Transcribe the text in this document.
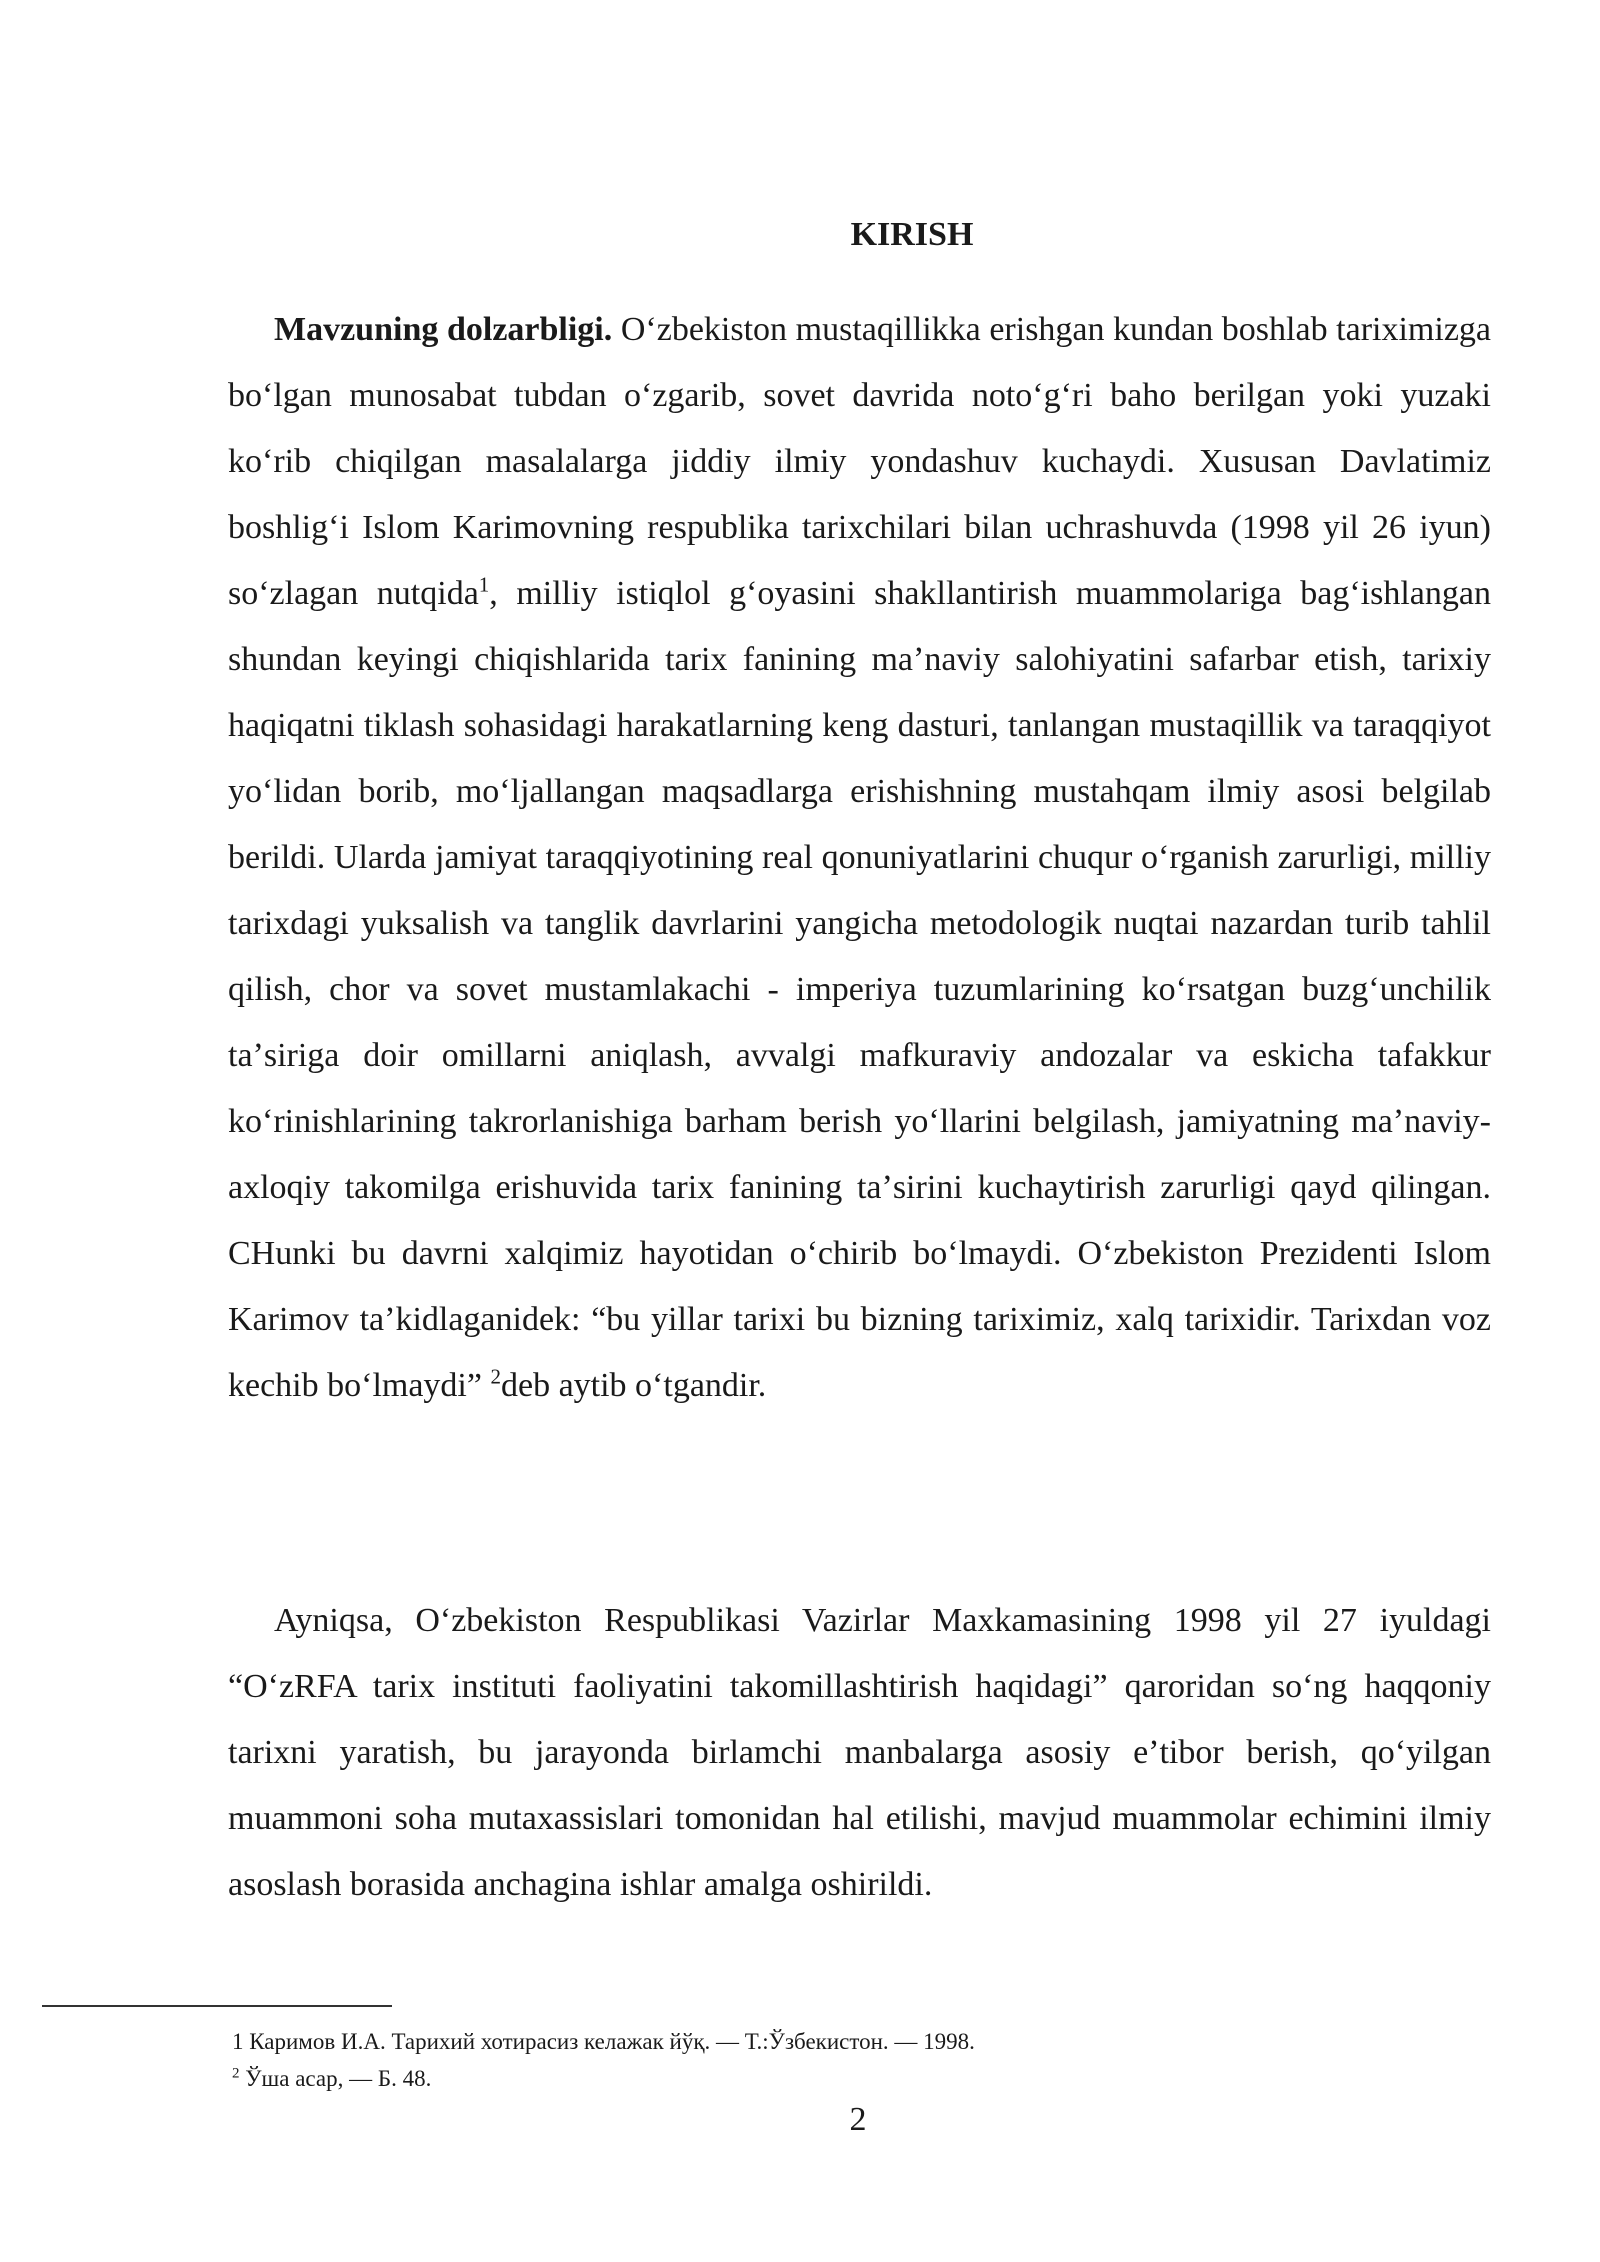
KIRISH

Mavzuning dolzarbligi. Oʻzbekiston mustaqillikka erishgan kundan boshlab tariximizga boʻlgan munosabat tubdan oʻzgarib, sovet davrida notoʻgʻri baho berilgan yoki yuzaki koʻrib chiqilgan masalalarga jiddiy ilmiy yondashuv kuchaydi. Xususan Davlatimiz boshligʻi Islom Karimovning respublika tarixchilari bilan uchrashuvda (1998 yil 26 iyun) soʻzlagan nutqida$^1$, milliy istiqlol gʻoyasini shakllantirish muammolariga bagʻishlangan shundan keyingi chiqishlarida tarix fanining maʼnaviy salohiyatini safarbar etish, tarixiy haqiqatni tiklash sohasidagi harakatlarning keng dasturi, tanlangan mustaqillik va taraqqiyot yoʻlidan borib, moʻljallangan maqsadlarga erishishning mustahqam ilmiy asosi belgilab berildi. Ularda jamiyat taraqqiyotining real qonuniyatlarini chuqur oʻrganish zarurligi, milliy tarixdagi yuksalish va tanglik davrlarini yangicha metodologik nuqtai nazardan turib tahlil qilish, chor va sovet mustamlakachi - imperiya tuzumlarining koʻrsatgan buzgʻunchilik taʼsiriga doir omillarni aniqlash, avvalgi mafkuraviy andozalar va eskicha tafakkur koʻrinishlarining takrorlanishiga barham berish yoʻllarini belgilash, jamiyatning maʼnaviy-axloqiy takomilga erishuvida tarix fanining taʼsirini kuchaytirish zarurligi qayd qilingan. CHunki bu davrni xalqimiz hayotidan oʻchirib boʻlmaydi. Oʻzbekiston Prezidenti Islom Karimov taʼkidlaganidek: “bu yillar tarixi bu bizning tariximiz, xalq tarixidir. Tarixdan voz kechib boʻlmaydi” $^2$deb aytib oʻtgandir.

Ayniqsa, Oʻzbekiston Respublikasi Vazirlar Maxkamasining 1998 yil 27 iyuldagi “OʻzRFA tarix instituti faoliyatini takomillashtirish haqidagi” qaroridan soʻng haqqoniy tarixni yaratish, bu jarayonda birlamchi manbalarga asosiy eʼtibor berish, qoʻyilgan muammoni soha mutaxassislari tomonidan hal etilishi, mavjud muammolar echimini ilmiy asoslash borasida anchagina ishlar amalga oshirildi.

1 Каримов И.А. Тарихий хотирасиз келажак йўқ. — Т.:Ўзбекистон. — 1998.

$^2$ Ўша асар, — Б. 48.

2
